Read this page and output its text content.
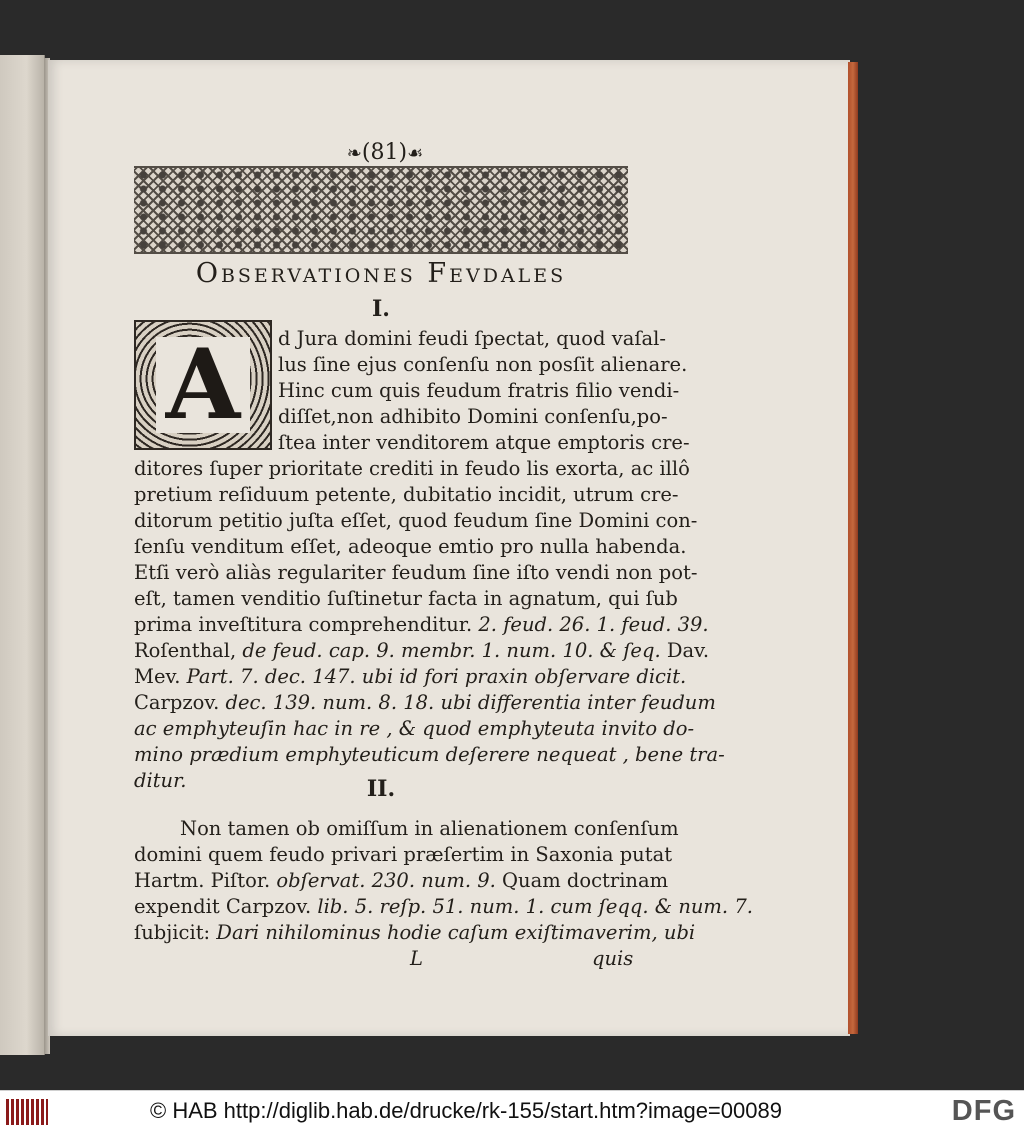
❧(81)☙
Observationes Fevdales
I.
A	d Jura domini feudi ſpectat, quod vaſal-
lus ſine ejus conſenſu non posſit alienare.
Hinc cum quis feudum fratris filio vendi-
diſſet,non adhibito Domini conſenſu,po-
ſtea inter venditorem atque emptoris cre-
ditores ſuper prioritate crediti in feudo lis exorta, ac illô
pretium reſiduum petente, dubitatio incidit, utrum cre-
ditorum petitio juſta eſſet, quod feudum ſine Domini con-
ſenſu venditum eſſet, adeoque emtio pro nulla habenda.
Etſi verò aliàs regulariter feudum ſine iſto vendi non pot-
eſt, tamen venditio ſuſtinetur facta in agnatum, qui ſub
prima inveſtitura comprehenditur. 2. feud. 26. 1. feud. 39.
Roſenthal, de feud. cap. 9. membr. 1. num. 10. & ſeq. Dav.
Mev. Part. 7. dec. 147. ubi id fori praxin obſervare dicit.
Carpzov. dec. 139. num. 8. 18. ubi differentia inter feudum
ac emphyteuſin hac in re , & quod emphyteuta invito do-
mino prædium emphyteuticum deſerere nequeat , bene tra-
ditur.	II.
Non tamen ob omiſſum in alienationem conſenſum
domini quem feudo privari præſertim in Saxonia putat
Hartm. Piſtor. obſervat. 230. num. 9. Quam doctrinam
expendit Carpzov. lib. 5. reſp. 51. num. 1. cum ſeqq. & num. 7.
ſubjicit: Dari nihilominus hodie caſum exiſtimaverim, ubi
L	quis
© HAB http://diglib.hab.de/drucke/rk-155/start.htm?image=00089	DFG
